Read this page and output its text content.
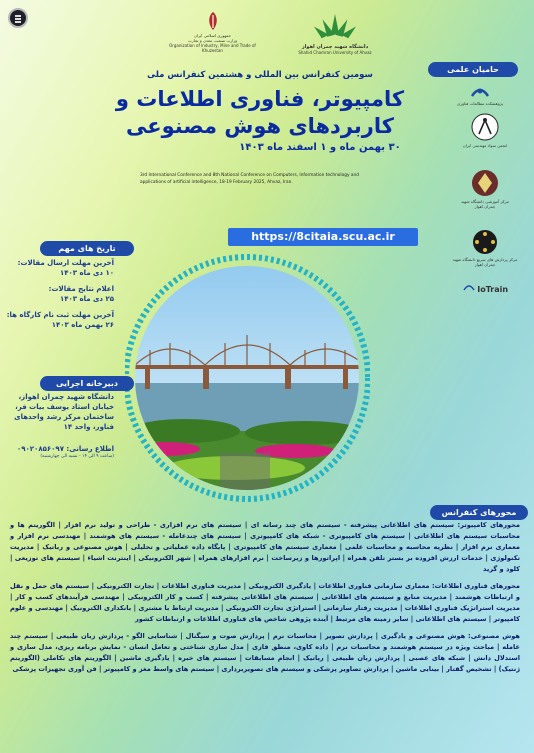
جمهوری اسلامی ایران
وزارت صنعت، معدن و تجارت
Organization of Industry, Mine and Trade of Khuzestan
دانشگاه شهید چمران اهواز
Shahid Chamran University of Ahvaz
سومین کنفرانس بین المللی و هشتمین کنفرانس ملی
کامپیوتر، فناوری اطلاعات و
کاربردهای هوش مصنوعی
۳۰ بهمن ماه و ۱ اسفند ماه ۱۴۰۳
3rd International Conference and 8th National Conference on Computers, Information technology and
applications of artificial intelligence, 18-19 February 2025, Ahvaz, Iran.
https://8citaia.scu.ac.ir
حامیان علمی
پژوهشکده مطالعات فناوری
انجمن سواد مهندسی ایران
مرکز آموزشی دانشگاه شهید چمران اهواز
مرکز پردازش های سریع دانشگاه شهید چمران اهواز
IoTrain
تاریخ های مهم
آخرین مهلت ارسال مقالات:
۱۰ دی ماه ۱۴۰۳
اعلام نتایج مقالات:
۲۵ دی ماه ۱۴۰۳
آخرین مهلت ثبت نام کارگاه ها:
۲۶ بهمن ماه ۱۴۰۳
دبیرخانه اجرایی
دانشگاه شهید چمران اهواز،
خیابان استاد یوسف بیات فر،
ساختمان مرکز رشد واحدهای
فناور، واحد ۱۴
اطلاع رسانی: ۰۹۰۲۰۸۵۶۰۹۷
(ساعت ۹ الی ۱۴ - شنبه الی چهارشنبه)
محورهای کنفرانس
محورهای کامپیوتر: سیستم های اطلاعاتی پیشرفته - سیستم های چند رسانه ای | سیستم های نرم افزاری - طراحی و تولید نرم افزار | الگوریتم ها و محاسبات سیستم های اطلاعاتی | سیستم های کامپیوتری - شبکه های کامپیوتری | سیستم های چندعامله - سیستم های هوشمند | مهندسی نرم افزار و معماری نرم افزار | نظریه محاسبه و محاسبات علمی | معماری سیستم های کامپیوتری | پایگاه داده عملیاتی و تحلیلی | هوش مصنوعی و رباتیک | مدیریت تکنولوژی | خدمات ارزش افزوده بر بستر تلفن همراه | اپراتورها و زیرساخت | نرم افزارهای همراه | شهر الکترونیکی | اینترنت اشیاء | سیستم های توزیعی | کلود و گرید
محورهای فناوری اطلاعات: معماری سازمانی فناوری اطلاعات | یادگیری الکترونیکی | مدیریت فناوری اطلاعات | تجارت الکترونیکی | سیستم های حمل و نقل و ارتباطات هوشمند | مدیریت منابع و سیستم های اطلاعاتی | سیستم های اطلاعاتی پیشرفته | کسب و کار الکترونیکی | مهندسی فرآیندهای کسب و کار | مدیریت استراتژیک فناوری اطلاعات | مدیریت رفتار سازمانی | استراتژی تجارت الکترونیکی | مدیریت ارتباط با مشتری | بانکداری الکترونیک | مهندسی و علوم کامپیوتر | سیستم های اطلاعاتی | سایر زمینه های مرتبط | آینده پژوهی شاخص های فناوری اطلاعات و ارتباطات کشور
هوش مصنوعی: هوش مصنوعی و یادگیری | پردازش تصویر | محاسبات نرم | پردازش صوت و سیگنال | شناسایی الگو - پردازش زبان طبیعی | سیستم چند عامله | مباحث ویژه در سیستم هوشمند و محاسبات نرم | داده کاوی، منطق فازی | مدل سازی شناختی و تعامل انسان - نمایش برنامه ریزی، مدل سازی و استدلال دانش | شبکه های عصبی | پردازش زبان طبیعی | رباتیک | انجام مسابقات | سیستم های خبره | یادگیری ماشین | الگوریتم های تکاملی (الگوریتم ژنتیک) | تشخیص گفتار | بینایی ماشین | پردازش تصاویر پزشکی و سیستم های تصویربرداری | سیستم های واسط مغز و کامپیوتر | فن آوری تجهیزات پزشکی
